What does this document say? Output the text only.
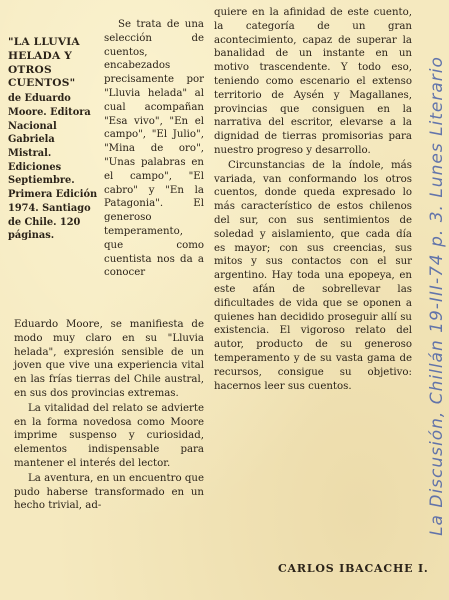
"LA LLUVIA HELADA Y OTROS CUENTOS"

de Eduardo Moore. Editora Nacional Gabriela Mistral. Ediciones Septiembre. Primera Edición 1974. Santiago de Chile. 120 páginas.

Se trata de una selección de cuentos, encabezados precisamente por "Lluvia helada" al cual acompañan "Esa vivo", "En el campo", "El Julio", "Mina de oro", "Unas palabras en el campo", "El cabro" y "En la Patagonia". El generoso temperamento, que como cuentista nos da a conocer

Eduardo Moore, se manifiesta de modo muy claro en su "Lluvia helada", expresión sensible de un joven que vive una experiencia vital en las frías tierras del Chile austral, en sus dos provincias extremas.

La vitalidad del relato se advierte en la forma novedosa como Moore imprime suspenso y curiosidad, elementos indispensable para mantener el interés del lector.

La aventura, en un encuentro que pudo haberse transformado en un hecho trivial, ad-

quiere en la afinidad de este cuento, la categoría de un gran acontecimiento, capaz de superar la banalidad de un instante en un motivo trascendente. Y todo eso, teniendo como escenario el extenso territorio de Aysén y Magallanes, provincias que consiguen en la narrativa del escritor, elevarse a la dignidad de tierras promisorias para nuestro progreso y desarrollo.

Circunstancias de la índole, más variada, van conformando los otros cuentos, donde queda expresado lo más característico de estos chilenos del sur, con sus sentimientos de soledad y aislamiento, que cada día es mayor; con sus creencias, sus mitos y sus contactos con el sur argentino. Hay toda una epopeya, en este afán de sobrellevar las dificultades de vida que se oponen a quienes han decidido proseguir allí su existencia. El vigoroso relato del autor, producto de su generoso temperamento y de su vasta gama de recursos, consigue su objetivo: hacernos leer sus cuentos.

CARLOS IBACACHE I.
La Discusión, Chillán 19-III-74 p. 3. Lunes Literario
